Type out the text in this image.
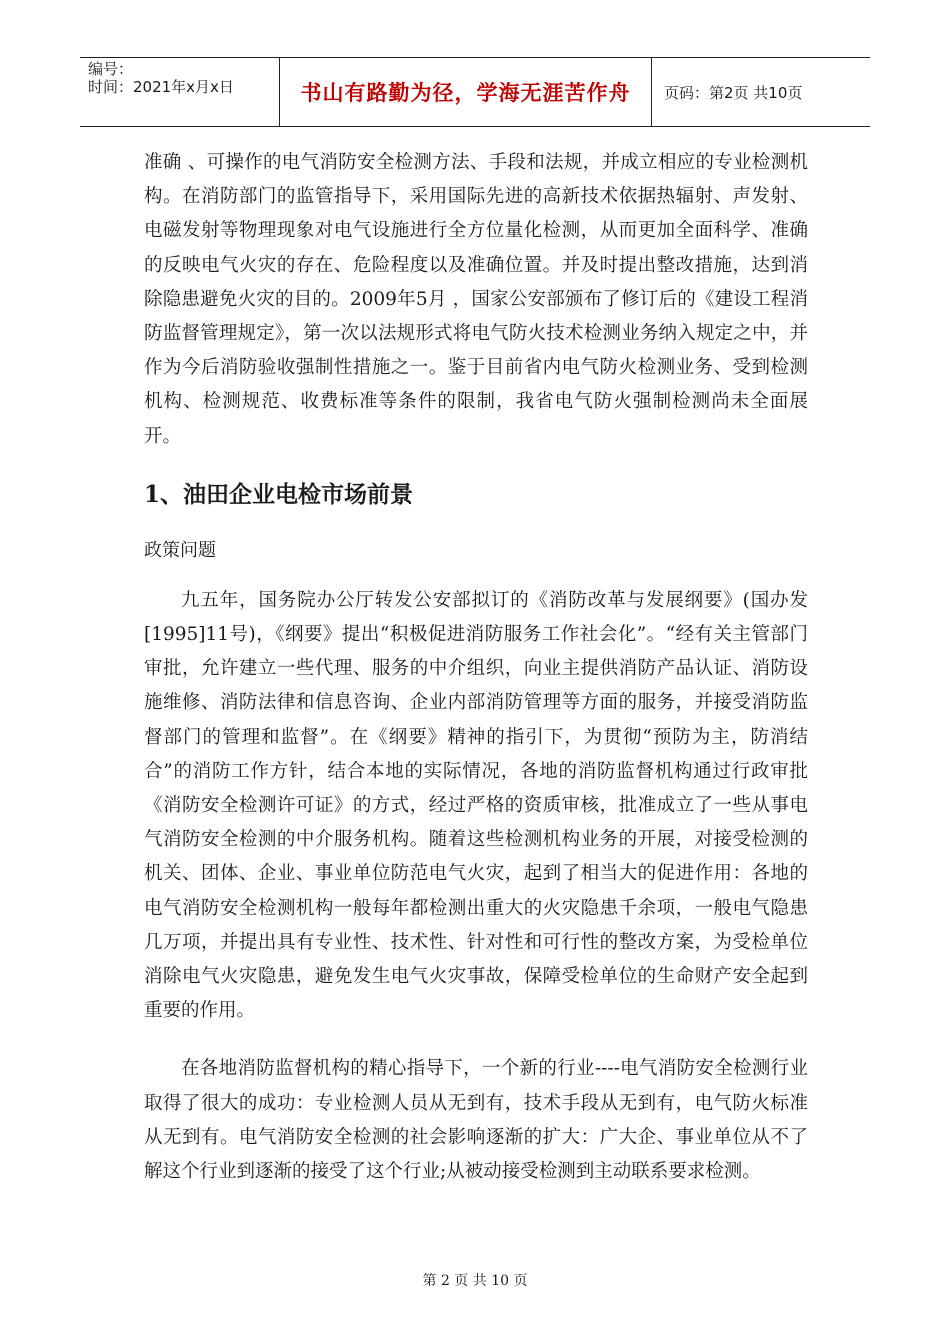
编号：
时间：2021年x月x日	书山有路勤为径，学海无涯苦作舟	页码：第2页 共10页

准确 、可操作的电气消防安全检测方法、手段和法规，并成立相应的专业检测机构。在消防部门的监管指导下，采用国际先进的高新技术依据热辐射、声发射、电磁发射等物理现象对电气设施进行全方位量化检测，从而更加全面科学、准确的反映电气火灾的存在、危险程度以及准确位置。并及时提出整改措施，达到消除隐患避免火灾的目的。2009年5月 ，国家公安部颁布了修订后的《建设工程消防监督管理规定》，第一次以法规形式将电气防火技术检测业务纳入规定之中，并作为今后消防验收强制性措施之一。鉴于目前省内电气防火检测业务、受到检测机构、检测规范、收费标准等条件的限制，我省电气防火强制检测尚未全面展开。

1、油田企业电检市场前景
政策问题

九五年，国务院办公厅转发公安部拟订的《消防改革与发展纲要》(国办发[1995]11号)，《纲要》提出“积极促进消防服务工作社会化”。“经有关主管部门审批，允许建立一些代理、服务的中介组织，向业主提供消防产品认证、消防设施维修、消防法律和信息咨询、企业内部消防管理等方面的服务，并接受消防监督部门的管理和监督”。在《纲要》精神的指引下，为贯彻“预防为主，防消结合”的消防工作方针，结合本地的实际情况，各地的消防监督机构通过行政审批《消防安全检测许可证》的方式，经过严格的资质审核，批准成立了一些从事电气消防安全检测的中介服务机构。随着这些检测机构业务的开展，对接受检测的机关、团体、企业、事业单位防范电气火灾，起到了相当大的促进作用：各地的电气消防安全检测机构一般每年都检测出重大的火灾隐患千余项，一般电气隐患几万项，并提出具有专业性、技术性、针对性和可行性的整改方案，为受检单位消除电气火灾隐患，避免发生电气火灾事故，保障受检单位的生命财产安全起到重要的作用。

在各地消防监督机构的精心指导下，一个新的行业----电气消防安全检测行业取得了很大的成功：专业检测人员从无到有，技术手段从无到有，电气防火标准从无到有。电气消防安全检测的社会影响逐渐的扩大：广大企、事业单位从不了解这个行业到逐渐的接受了这个行业;从被动接受检测到主动联系要求检测。

第 2 页 共 10 页
